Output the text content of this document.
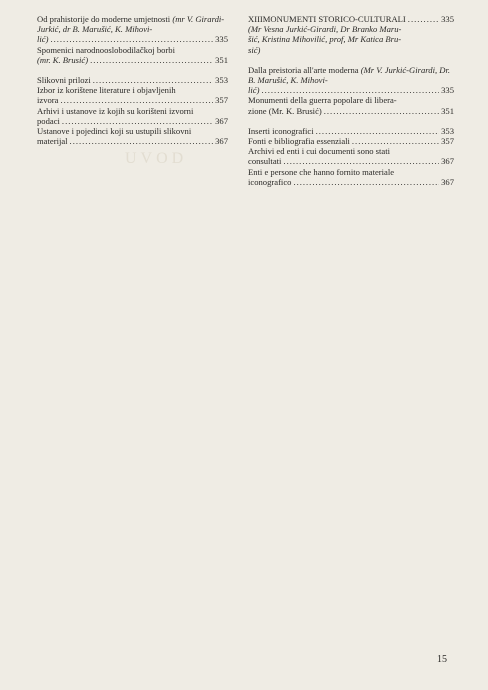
UVOD
Od prahistorije do moderne umjetnosti (mr V. Girardi-Jurkić, dr B. Marušić, K. Mihovi-
lić) .....	335
Spomenici narodnooslobodilačkoj borbi
(mr. K. Brusić) .....	351
Slikovni prilozi .....	353
Izbor iz korištene literature i objavljenih
izvora .....	357
Arhivi i ustanove iz kojih su korišteni izvorni
podaci .....	367
Ustanove i pojedinci koji su ustupili slikovni
materijal .....	367
XIIIMONUMENTI STORICO-CULTURALI .....	335
(Mr Vesna Jurkić-Girardi, Dr Branko Maru-
šić, Kristina Mihovilić, prof, Mr Katica Bru-
sić)
Dalla preistoria all'arte moderna (Mr V. Jurkić-Girardi, Dr. B. Marušić, K. Mihovi-
lić) .....	335
Monumenti della guerra popolare di libera-
zione (Mr. K. Brusić) .....	351
Inserti iconografici .....	353
Fonti e bibliografia essenziali .....	357
Archivi ed enti i cui documenti sono stati
consultati .....	367
Enti e persone che hanno fornito materiale
iconografico .....	367
15
